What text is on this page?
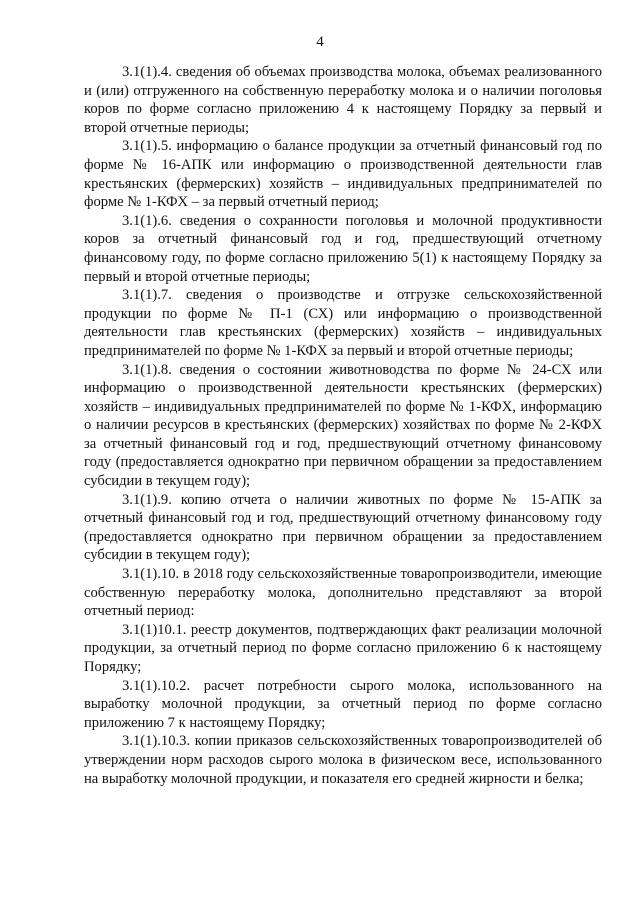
4

3.1(1).4. сведения об объемах производства молока, объемах реализованного и (или) отгруженного на собственную переработку молока и о наличии поголовья коров по форме согласно приложению 4 к настоящему Порядку за первый и второй отчетные периоды;

3.1(1).5. информацию о балансе продукции за отчетный финансовый год по форме № 16-АПК или информацию о производственной деятельности глав крестьянских (фермерских) хозяйств – индивидуальных предпринимателей по форме № 1-КФХ – за первый отчетный период;

3.1(1).6. сведения о сохранности поголовья и молочной продуктивности коров за отчетный финансовый год и год, предшествующий отчетному финансовому году, по форме согласно приложению 5(1) к настоящему Порядку за первый и второй отчетные периоды;

3.1(1).7. сведения о производстве и отгрузке сельскохозяйственной продукции по форме № П-1 (СХ) или информацию о производственной деятельности глав крестьянских (фермерских) хозяйств – индивидуальных предпринимателей по форме № 1-КФХ за первый и второй отчетные периоды;

3.1(1).8. сведения о состоянии животноводства по форме № 24-СХ или информацию о производственной деятельности крестьянских (фермерских) хозяйств – индивидуальных предпринимателей по форме № 1-КФХ, информацию о наличии ресурсов в крестьянских (фермерских) хозяйствах по форме № 2-КФХ за отчетный финансовый год и год, предшествующий отчетному финансовому году (предоставляется однократно при первичном обращении за предоставлением субсидии в текущем году);

3.1(1).9. копию отчета о наличии животных по форме № 15-АПК за отчетный финансовый год и год, предшествующий отчетному финансовому году (предоставляется однократно при первичном обращении за предоставлением субсидии в текущем году);

3.1(1).10. в 2018 году сельскохозяйственные товаропроизводители, имеющие собственную переработку молока, дополнительно представляют за второй отчетный период:

3.1(1)10.1. реестр документов, подтверждающих факт реализации молочной продукции, за отчетный период по форме согласно приложению 6 к настоящему Порядку;

3.1(1).10.2. расчет потребности сырого молока, использованного на выработку молочной продукции, за отчетный период по форме согласно приложению 7 к настоящему Порядку;

3.1(1).10.3. копии приказов сельскохозяйственных товаропроизводителей об утверждении норм расходов сырого молока в физическом весе, использованного на выработку молочной продукции, и показателя его средней жирности и белка;
